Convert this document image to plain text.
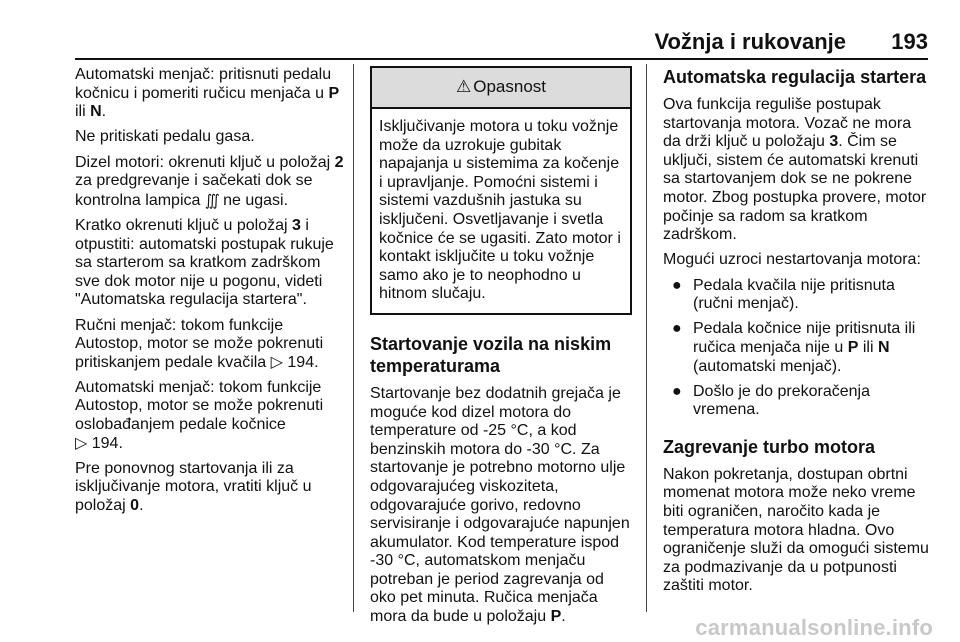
Vožnja i rukovanje	193

Automatski menjač: pritisnuti pedalu kočnicu i pomeriti ručicu menjača u P ili N.

Ne pritiskati pedalu gasa.

Dizel motori: okrenuti ključ u položaj 2 za predgrevanje i sačekati dok se kontrolna lampica ∭ ne ugasi.

Kratko okrenuti ključ u položaj 3 i otpustiti: automatski postupak rukuje sa starterom sa kratkom zadrškom sve dok motor nije u pogonu, videti "Automatska regulacija startera".

Ručni menjač: tokom funkcije Autostop, motor se može pokrenuti pritiskanjem pedale kvačila ▷ 194.

Automatski menjač: tokom funkcije Autostop, motor se može pokrenuti oslobađanjem pedale kočnice
▷ 194.

Pre ponovnog startovanja ili za isključivanje motora, vratiti ključ u položaj 0.

⚠ Opasnost
Isključivanje motora u toku vožnje može da uzrokuje gubitak napajanja u sistemima za kočenje i upravljanje. Pomoćni sistemi i sistemi vazdušnih jastuka su isključeni. Osvetljavanje i svetla kočnice će se ugasiti. Zato motor i kontakt isključite u toku vožnje samo ako je to neophodno u hitnom slučaju.
Startovanje vozila na niskim temperaturama

Startovanje bez dodatnih grejača je moguće kod dizel motora do temperature od -25 °C, a kod benzinskih motora do -30 °C. Za startovanje je potrebno motorno ulje odgovarajućeg viskoziteta, odgovarajuće gorivo, redovno servisiranje i odgovarajuće napunjen akumulator. Kod temperature ispod -30 °C, automatskom menjaču potreban je period zagrevanja od oko pet minuta. Ručica menjača mora da bude u položaju P.

Automatska regulacija startera

Ova funkcija reguliše postupak startovanja motora. Vozač ne mora da drži ključ u položaju 3. Čim se uključi, sistem će automatski krenuti sa startovanjem dok se ne pokrene motor. Zbog postupka provere, motor počinje sa radom sa kratkom zadrškom.

Mogući uzroci nestartovanja motora:

● Pedala kvačila nije pritisnuta (ručni menjač).
● Pedala kočnice nije pritisnuta ili ručica menjača nije u P ili N (automatski menjač).
● Došlo je do prekoračenja vremena.
Zagrevanje turbo motora

Nakon pokretanja, dostupan obrtni momenat motora može neko vreme biti ograničen, naročito kada je temperatura motora hladna. Ovo ograničenje služi da omogući sistemu za podmazivanje da u potpunosti zaštiti motor.

carmanualsonline.info
